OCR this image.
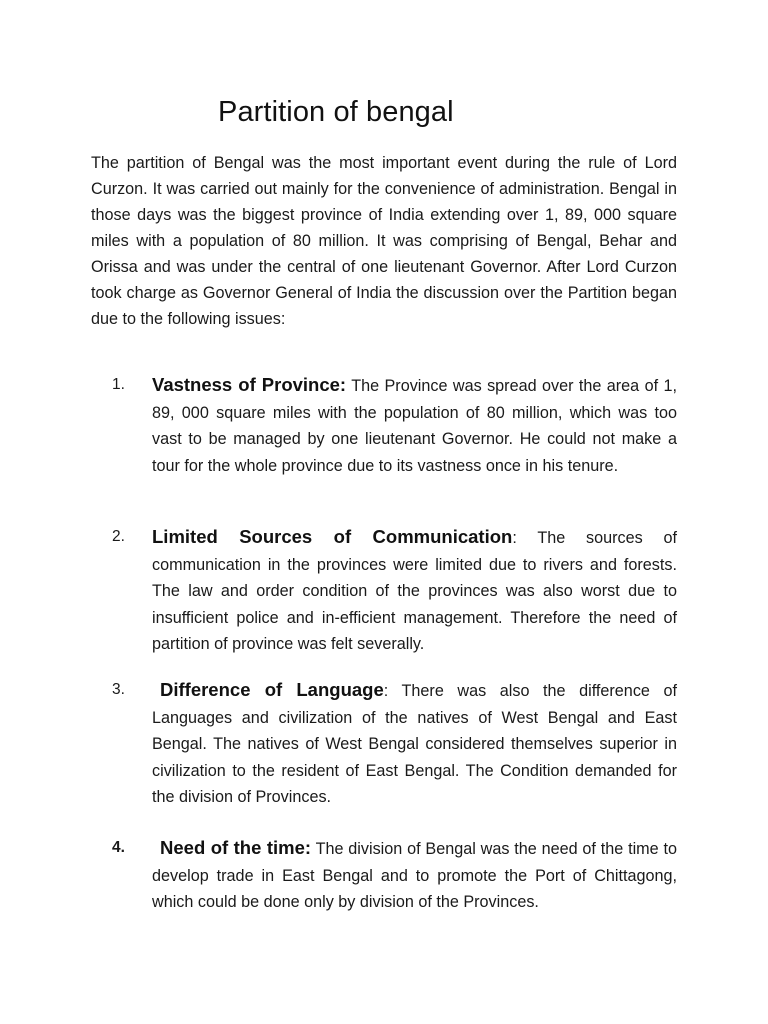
Partition of bengal

The partition of Bengal was the most important event during the rule of Lord Curzon. It was carried out mainly for the convenience of administration. Bengal in those days was the biggest province of India extending over 1, 89, 000 square miles with a population of 80 million. It was comprising of Bengal, Behar and Orissa and was under the central of one lieutenant Governor. After Lord Curzon took charge as Governor General of India the discussion over the Partition began due to the following issues:

1. Vastness of Province: The Province was spread over the area of 1, 89, 000 square miles with the population of 80 million, which was too vast to be managed by one lieutenant Governor. He could not make a tour for the whole province due to its vastness once in his tenure.

2. Limited Sources of Communication: The sources of communication in the provinces were limited due to rivers and forests. The law and order condition of the provinces was also worst due to insufficient police and in-efficient management. Therefore the need of partition of province was felt severally.

3.	Difference of Language: There was also the difference of Languages and civilization of the natives of West Bengal and East Bengal. The natives of West Bengal considered themselves superior in civilization to the resident of East Bengal. The Condition demanded for the division of Provinces.

4.	Need of the time: The division of Bengal was the need of the time to develop trade in East Bengal and to promote the Port of Chittagong, which could be done only by division of the Provinces.
